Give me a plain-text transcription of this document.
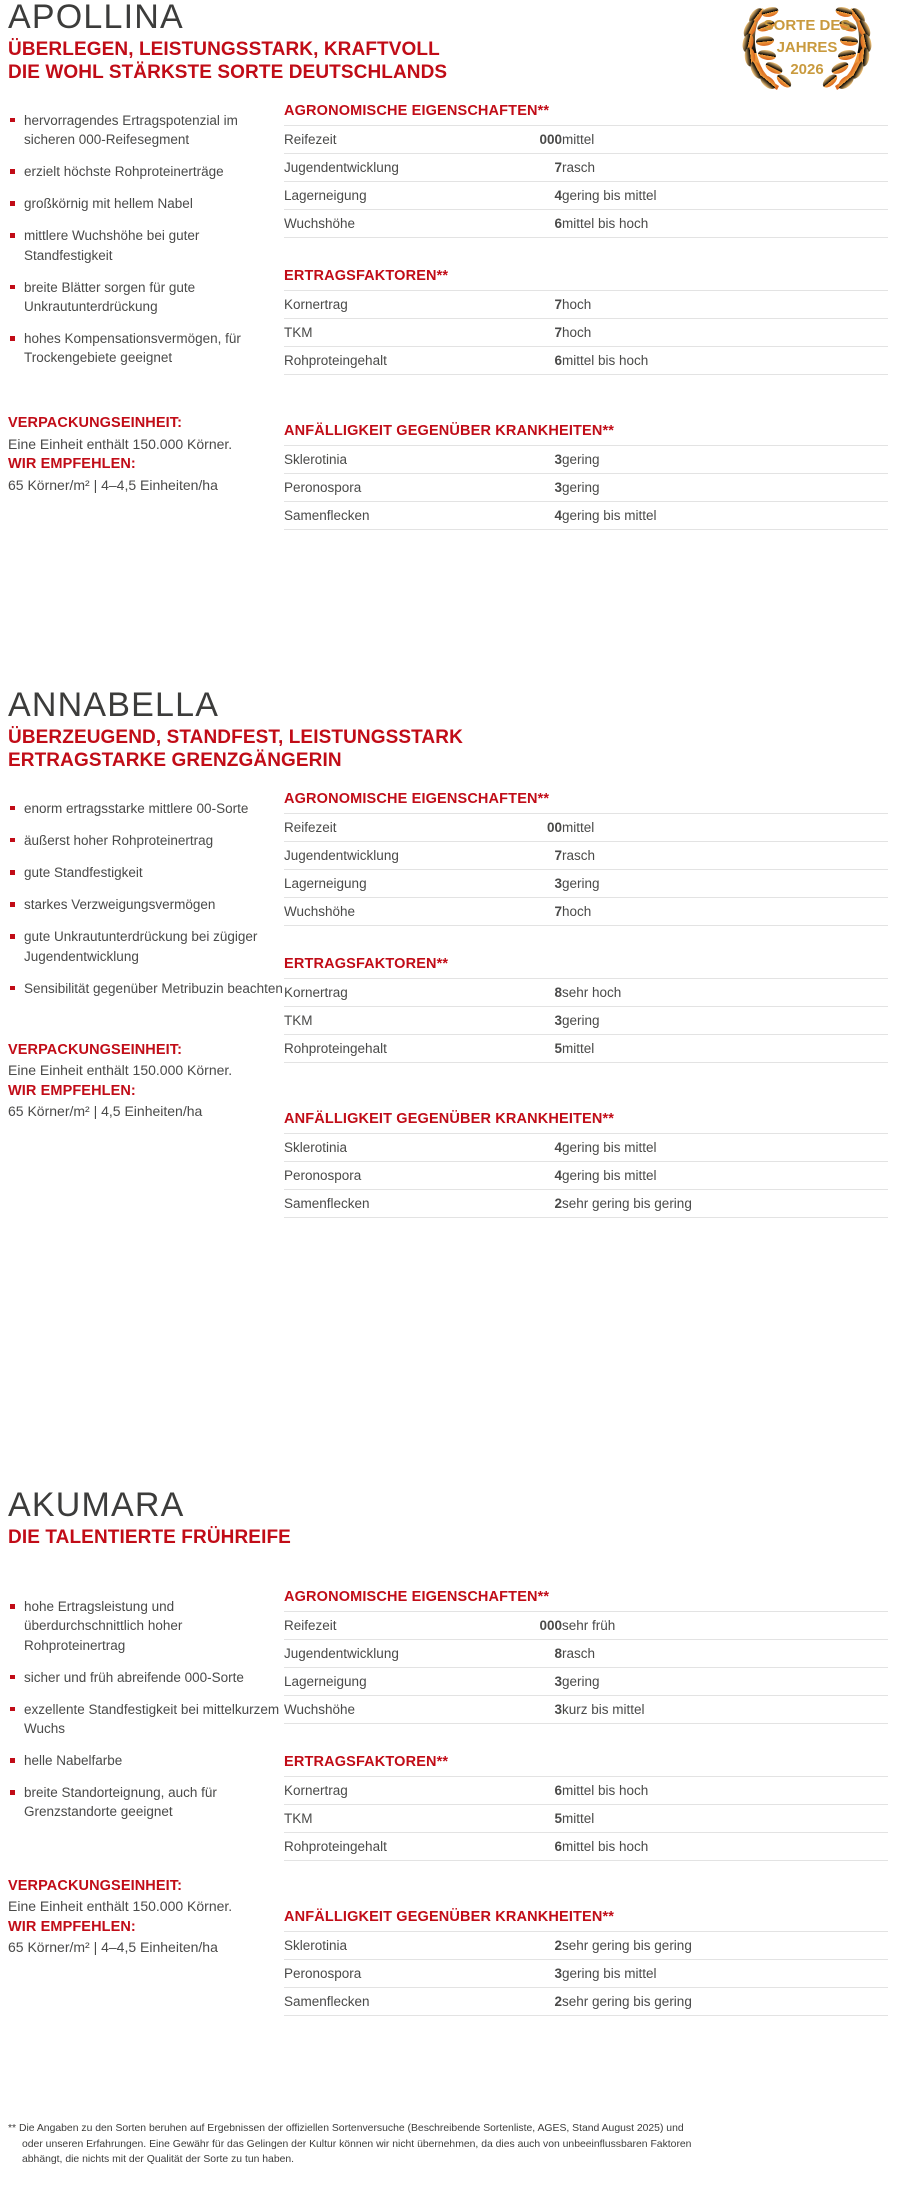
APOLLINA
ÜBERLEGEN, LEISTUNGSSTARK, KRAFTVOLL
DIE WOHL STÄRKSTE SORTE DEUTSCHLANDS
SORTE DES
JAHRES
2026
hervorragendes Ertragspotenzial im sicheren 000-Reifesegment
erzielt höchste Rohproteinerträge
großkörnig mit hellem Nabel
mittlere Wuchshöhe bei guter Standfestigkeit
breite Blätter sorgen für gute Unkrautunterdrückung
hohes Kompensationsvermögen, für Trockengebiete geeignet
VERPACKUNGSEINHEIT:
Eine Einheit enthält 150.000 Körner.
WIR EMPFEHLEN:
65 Körner/m² | 4–4,5 Einheiten/ha
AGRONOMISCHE EIGENSCHAFTEN**
Reifezeit	000	mittel
Jugendentwicklung	7	rasch
Lagerneigung	4	gering bis mittel
Wuchshöhe	6	mittel bis hoch
ERTRAGSFAKTOREN**
Kornertrag	7	hoch
TKM	7	hoch
Rohproteingehalt	6	mittel bis hoch
ANFÄLLIGKEIT GEGENÜBER KRANKHEITEN**
Sklerotinia	3	gering
Peronospora	3	gering
Samenflecken	4	gering bis mittel
ANNABELLA
ÜBERZEUGEND, STANDFEST, LEISTUNGSSTARK
ERTRAGSTARKE GRENZGÄNGERIN
enorm ertragsstarke mittlere 00-Sorte
äußerst hoher Rohproteinertrag
gute Standfestigkeit
starkes Verzweigungsvermögen
gute Unkrautunterdrückung bei zügiger Jugendentwicklung
Sensibilität gegenüber Metribuzin beachten
VERPACKUNGSEINHEIT:
Eine Einheit enthält 150.000 Körner.
WIR EMPFEHLEN:
65 Körner/m² | 4,5 Einheiten/ha
AGRONOMISCHE EIGENSCHAFTEN**
Reifezeit	00	mittel
Jugendentwicklung	7	rasch
Lagerneigung	3	gering
Wuchshöhe	7	hoch
ERTRAGSFAKTOREN**
Kornertrag	8	sehr hoch
TKM	3	gering
Rohproteingehalt	5	mittel
ANFÄLLIGKEIT GEGENÜBER KRANKHEITEN**
Sklerotinia	4	gering bis mittel
Peronospora	4	gering bis mittel
Samenflecken	2	sehr gering bis gering
AKUMARA
DIE TALENTIERTE FRÜHREIFE
hohe Ertragsleistung und überdurchschnittlich hoher Rohproteinertrag
sicher und früh abreifende 000-Sorte
exzellente Standfestigkeit bei mittelkurzem Wuchs
helle Nabelfarbe
breite Standorteignung, auch für Grenzstandorte geeignet
VERPACKUNGSEINHEIT:
Eine Einheit enthält 150.000 Körner.
WIR EMPFEHLEN:
65 Körner/m² | 4–4,5 Einheiten/ha
AGRONOMISCHE EIGENSCHAFTEN**
Reifezeit	000	sehr früh
Jugendentwicklung	8	rasch
Lagerneigung	3	gering
Wuchshöhe	3	kurz bis mittel
ERTRAGSFAKTOREN**
Kornertrag	6	mittel bis hoch
TKM	5	mittel
Rohproteingehalt	6	mittel bis hoch
ANFÄLLIGKEIT GEGENÜBER KRANKHEITEN**
Sklerotinia	2	sehr gering bis gering
Peronospora	3	gering bis mittel
Samenflecken	2	sehr gering bis gering
** Die Angaben zu den Sorten beruhen auf Ergebnissen der offiziellen Sortenversuche (Beschreibende Sortenliste, AGES, Stand August 2025) und
oder unseren Erfahrungen. Eine Gewähr für das Gelingen der Kultur können wir nicht übernehmen, da dies auch von unbeeinflussbaren Faktoren
abhängt, die nichts mit der Qualität der Sorte zu tun haben.
